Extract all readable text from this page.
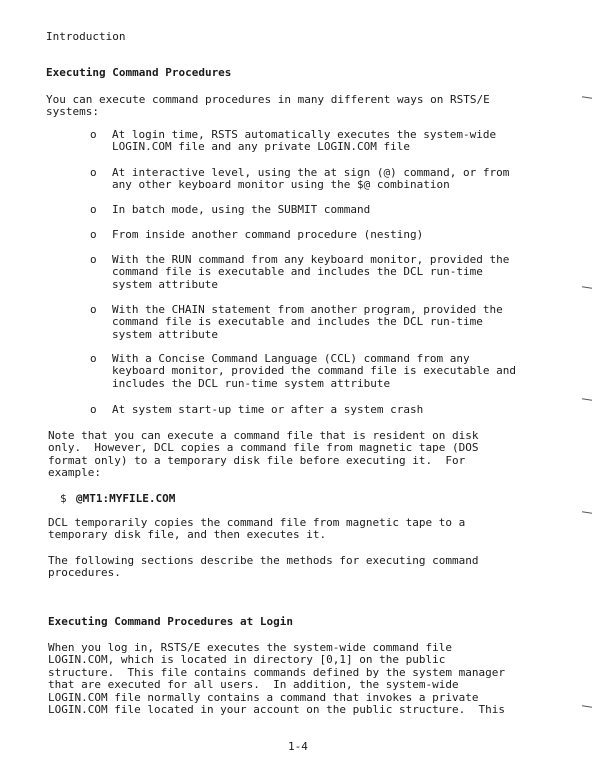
Introduction
Executing Command Procedures
You can execute command procedures in many different ways on RSTS/E
systems:
o At login time, RSTS automatically executes the system-wide
LOGIN.COM file and any private LOGIN.COM file
o At interactive level, using the at sign (@) command, or from
any other keyboard monitor using the $@ combination
o In batch mode, using the SUBMIT command
o From inside another command procedure (nesting)
o With the RUN command from any keyboard monitor, provided the
command file is executable and includes the DCL run-time
system attribute
o With the CHAIN statement from another program, provided the
command file is executable and includes the DCL run-time
system attribute
o With a Concise Command Language (CCL) command from any
keyboard monitor, provided the command file is executable and
includes the DCL run-time system attribute
o At system start-up time or after a system crash
Note that you can execute a command file that is resident on disk
only.  However, DCL copies a command file from magnetic tape (DOS
format only) to a temporary disk file before executing it.  For
example:
$ @MT1:MYFILE.COM
DCL temporarily copies the command file from magnetic tape to a
temporary disk file, and then executes it.
The following sections describe the methods for executing command
procedures.
Executing Command Procedures at Login
When you log in, RSTS/E executes the system-wide command file
LOGIN.COM, which is located in directory [0,1] on the public
structure.  This file contains commands defined by the system manager
that are executed for all users.  In addition, the system-wide
LOGIN.COM file normally contains a command that invokes a private
LOGIN.COM file located in your account on the public structure.  This
1-4
